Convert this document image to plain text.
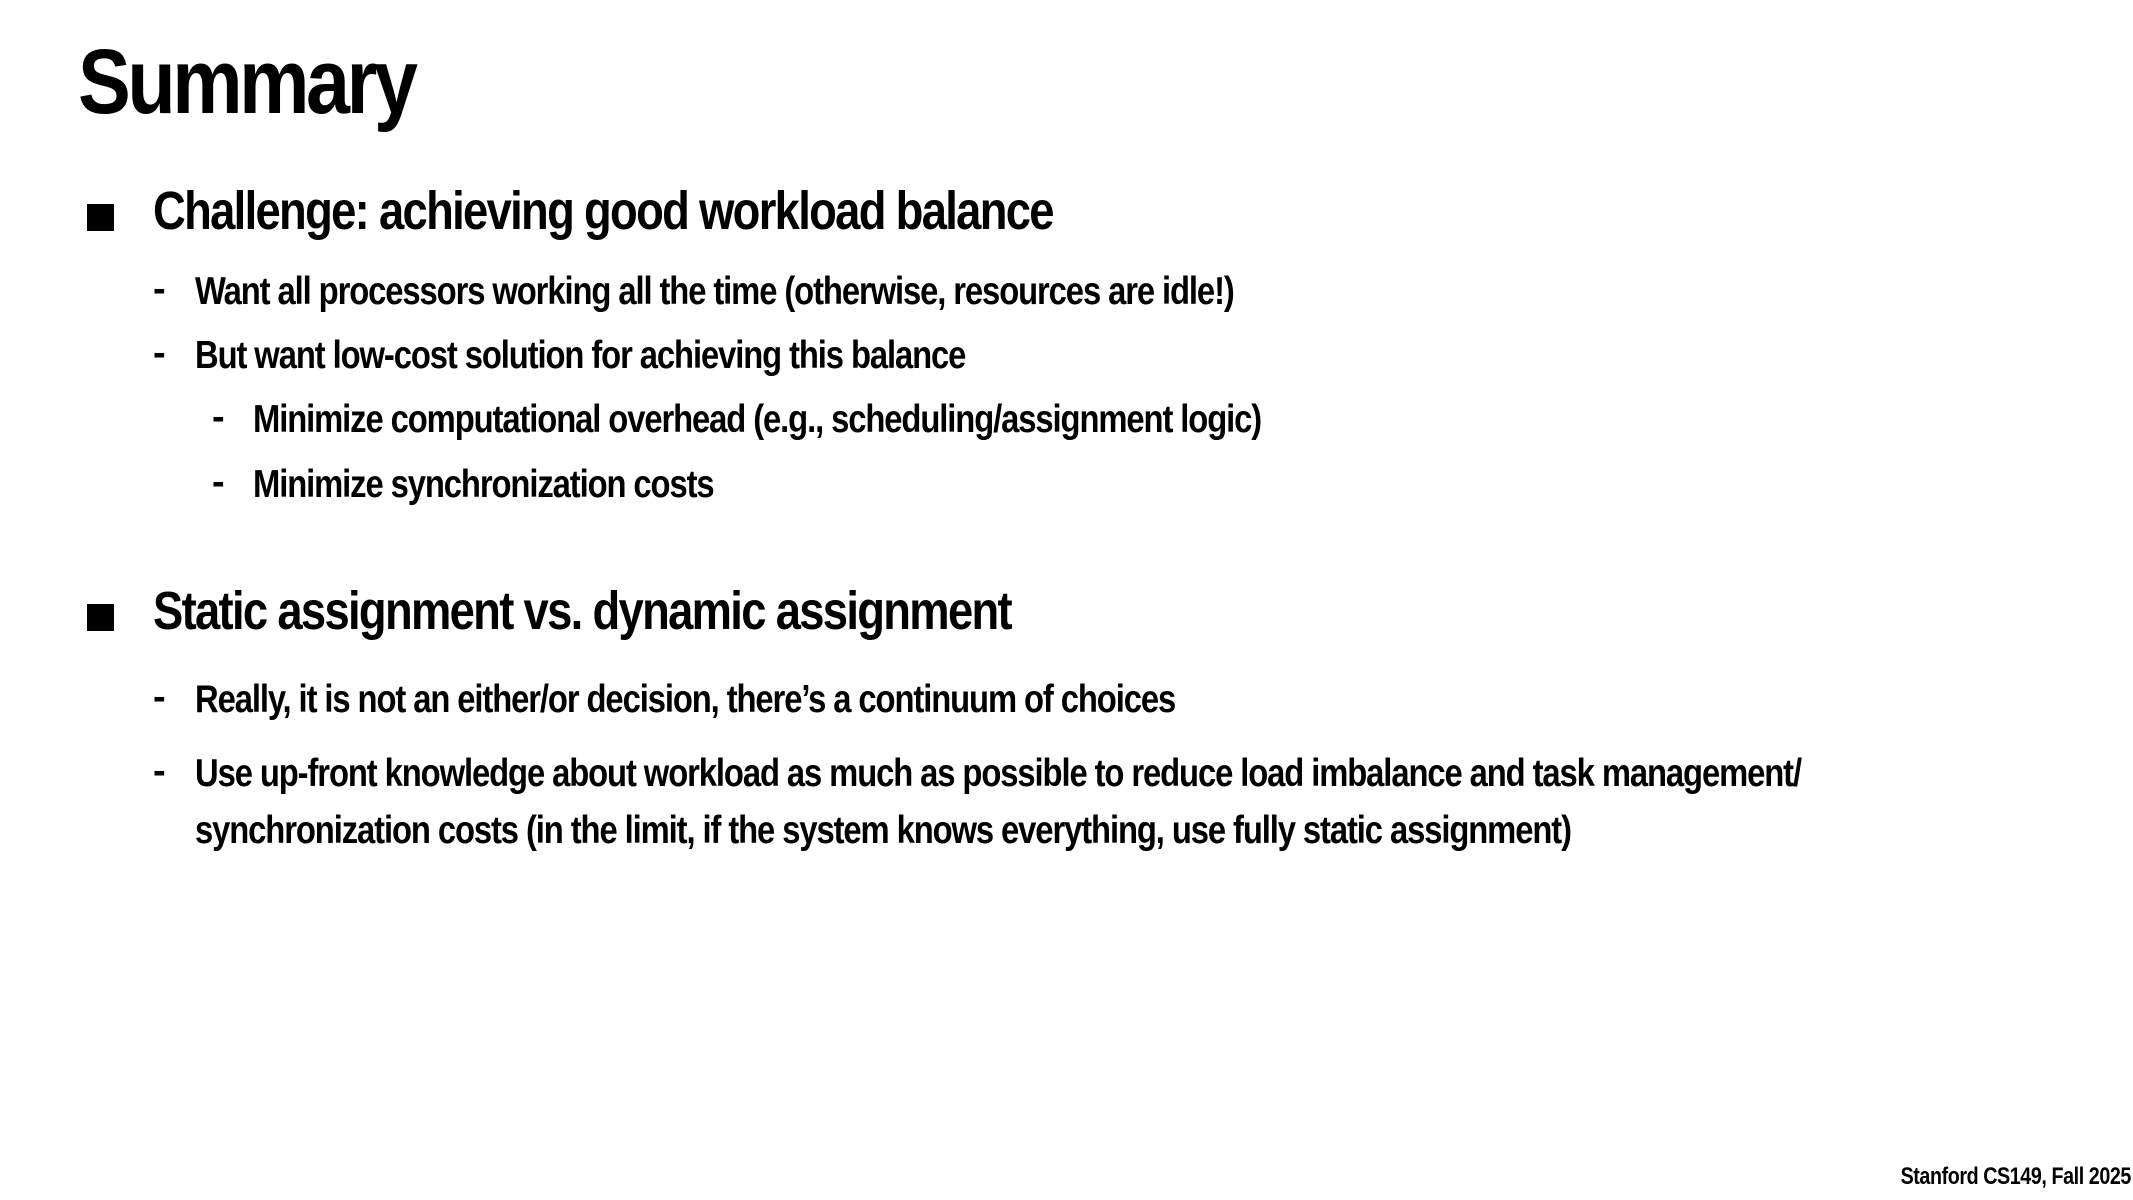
Summary
Challenge: achieving good workload balance
- Want all processors working all the time (otherwise, resources are idle!)
- But want low-cost solution for achieving this balance
- Minimize computational overhead (e.g., scheduling/assignment logic)
- Minimize synchronization costs
Static assignment vs. dynamic assignment
- Really, it is not an either/or decision, there’s a continuum of choices
- Use up-front knowledge about workload as much as possible to reduce load imbalance and task management/
synchronization costs (in the limit, if the system knows everything, use fully static assignment)
Stanford CS149, Fall 2025
